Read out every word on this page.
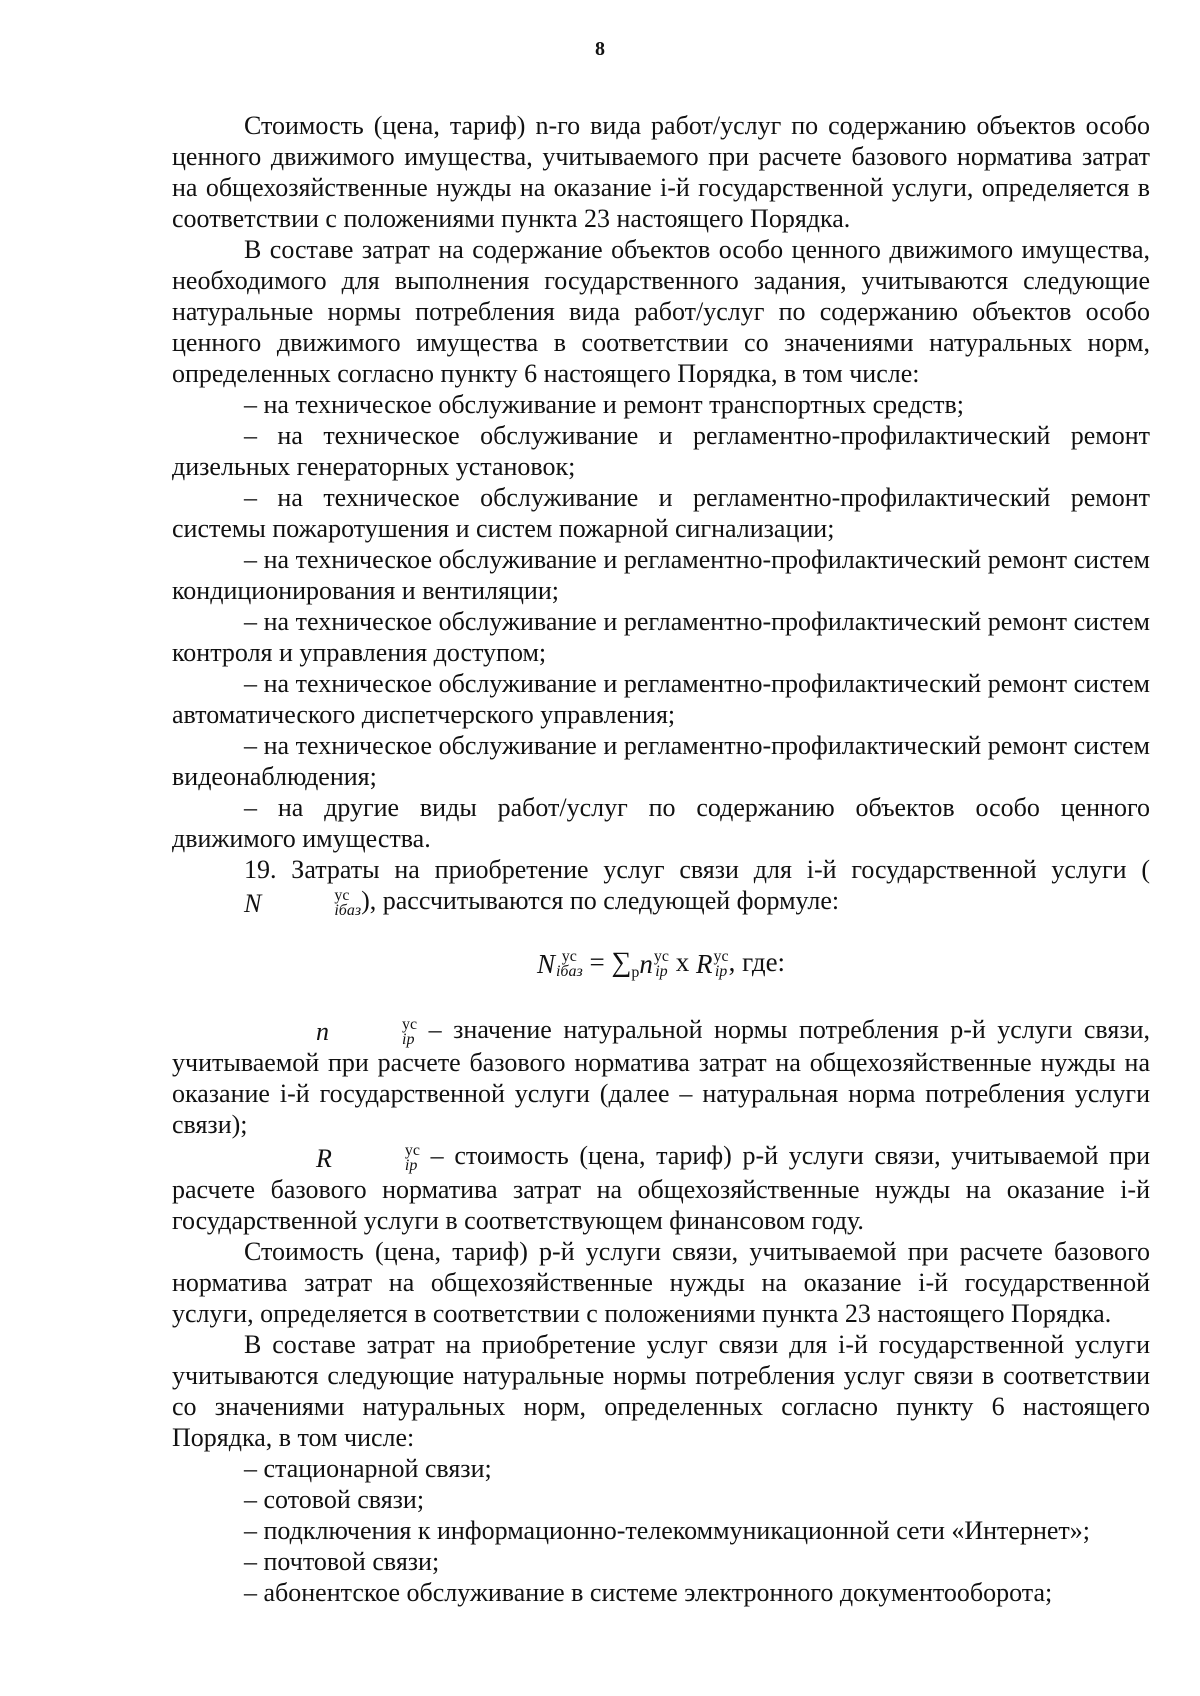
8

Стоимость (цена, тариф) n-го вида работ/услуг по содержанию объектов особо ценного движимого имущества, учитываемого при расчете базового норматива затрат на общехозяйственные нужды на оказание i-й государственной услуги, определяется в соответствии с положениями пункта 23 настоящего Порядка.

В составе затрат на содержание объектов особо ценного движимого имущества, необходимого для выполнения государственного задания, учитываются следующие натуральные нормы потребления вида работ/услуг по содержанию объектов особо ценного движимого имущества в соответствии со значениями натуральных норм, определенных согласно пункту 6 настоящего Порядка, в том числе:

– на техническое обслуживание и ремонт транспортных средств;

– на техническое обслуживание и регламентно-профилактический ремонт дизельных генераторных установок;

– на техническое обслуживание и регламентно-профилактический ремонт системы пожаротушения и систем пожарной сигнализации;

– на техническое обслуживание и регламентно-профилактический ремонт систем кондиционирования и вентиляции;

– на техническое обслуживание и регламентно-профилактический ремонт систем контроля и управления доступом;

– на техническое обслуживание и регламентно-профилактический ремонт систем автоматического диспетчерского управления;

– на техническое обслуживание и регламентно-профилактический ремонт систем видеонаблюдения;

– на другие виды работ/услуг по содержанию объектов особо ценного движимого имущества.

19. Затраты на приобретение услуг связи для i-й государственной услуги (
N	ус
iбаз ), рассчитываются по следующей формуле:

N ус
iбаз = $\sum_p$ n ус
ip x R ус
ip , где:

n	ус
ip – значение натуральной нормы потребления p-й услуги связи, учитываемой при расчете базового норматива затрат на общехозяйственные нужды на оказание i-й государственной услуги (далее – натуральная норма потребления услуги связи);

R	ус
ip – стоимость (цена, тариф) p-й услуги связи, учитываемой при расчете базового норматива затрат на общехозяйственные нужды на оказание i-й государственной услуги в соответствующем финансовом году.

Стоимость (цена, тариф) p-й услуги связи, учитываемой при расчете базового норматива затрат на общехозяйственные нужды на оказание i-й государственной услуги, определяется в соответствии с положениями пункта 23 настоящего Порядка.

В составе затрат на приобретение услуг связи для i-й государственной услуги учитываются следующие натуральные нормы потребления услуг связи в соответствии со значениями натуральных норм, определенных согласно пункту 6 настоящего Порядка, в том числе:

– стационарной связи;

– сотовой связи;

– подключения к информационно-телекоммуникационной сети «Интернет»;

– почтовой связи;

– абонентское обслуживание в системе электронного документооборота;
